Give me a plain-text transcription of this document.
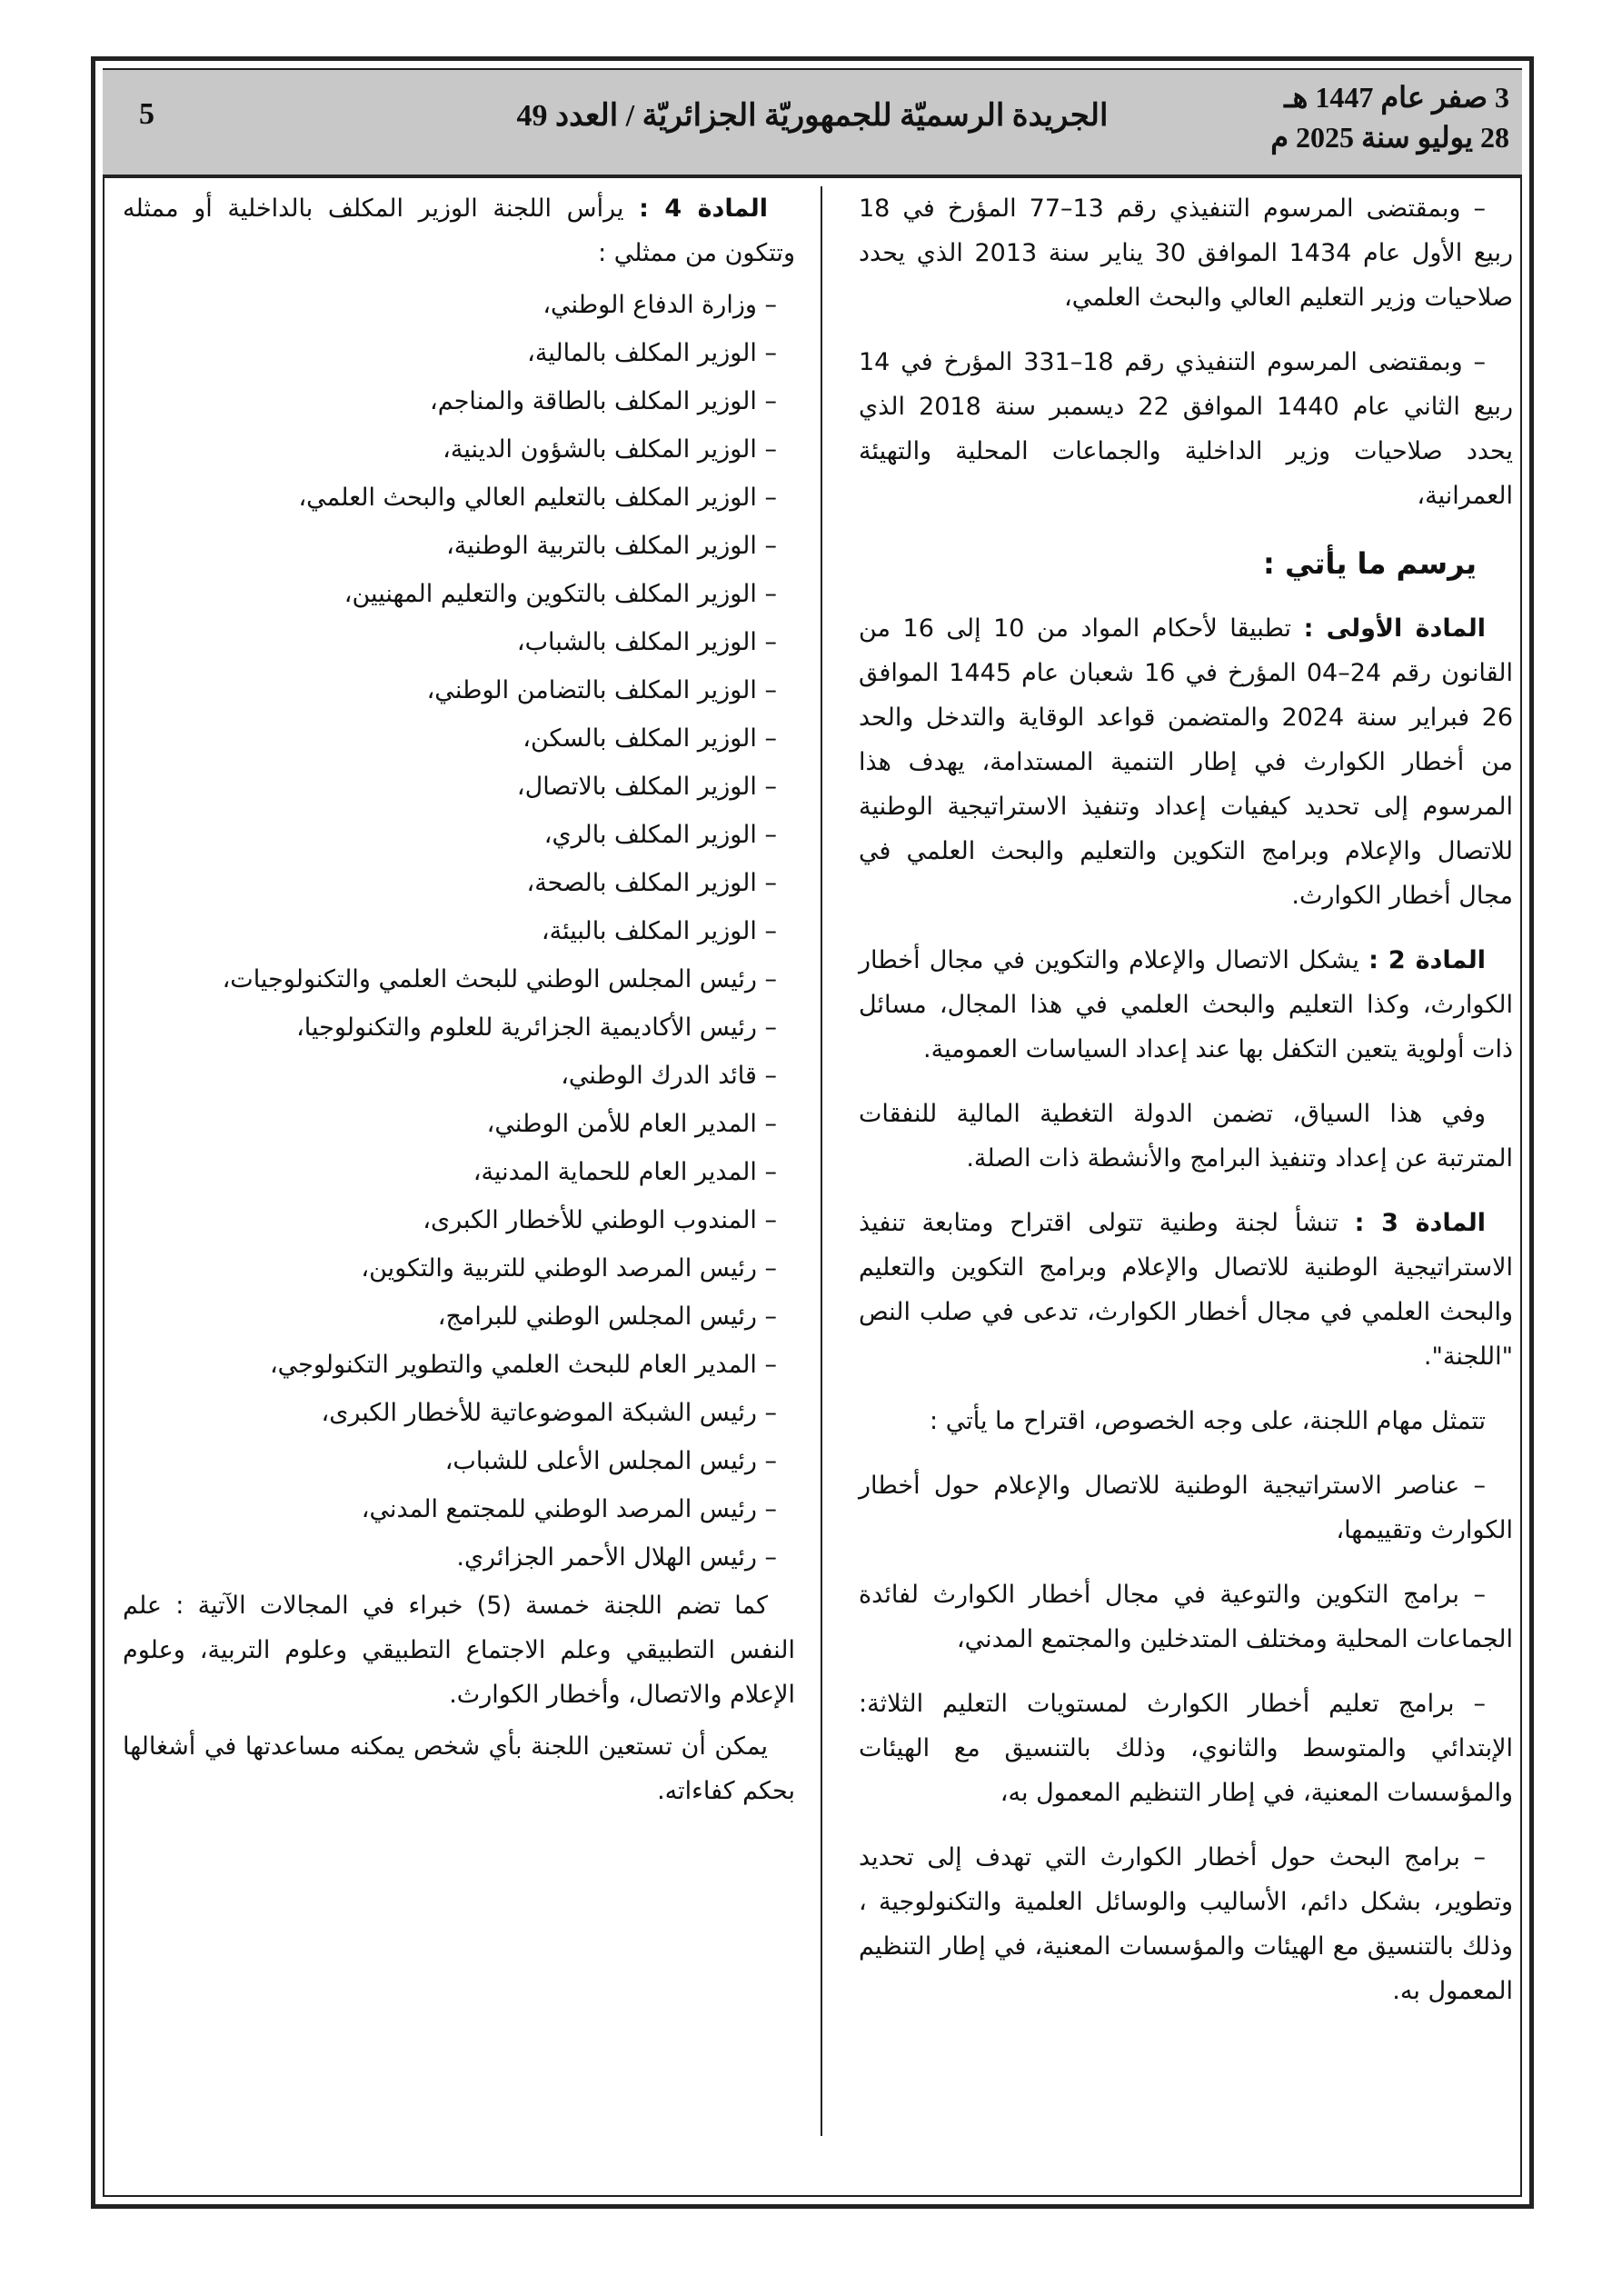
3 صفر عام 1447 هـ
28 يوليو سنة 2025 م
الجريدة الرسميّة للجمهوريّة الجزائريّة / العدد 49
5

– وبمقتضى المرسوم التنفيذي رقم 13–77 المؤرخ في 18 ربيع الأول عام 1434 الموافق 30 يناير سنة 2013 الذي يحدد صلاحيات وزير التعليم العالي والبحث العلمي،

– وبمقتضى المرسوم التنفيذي رقم 18–331 المؤرخ في 14 ربيع الثاني عام 1440 الموافق 22 ديسمبر سنة 2018 الذي يحدد صلاحيات وزير الداخلية والجماعات المحلية والتهيئة العمرانية،

يرسم ما يأتي :

المادة الأولى : تطبيقا لأحكام المواد من 10 إلى 16 من القانون رقم 24–04 المؤرخ في 16 شعبان عام 1445 الموافق 26 فبراير سنة 2024 والمتضمن قواعد الوقاية والتدخل والحد من أخطار الكوارث في إطار التنمية المستدامة، يهدف هذا المرسوم إلى تحديد كيفيات إعداد وتنفيذ الاستراتيجية الوطنية للاتصال والإعلام وبرامج التكوين والتعليم والبحث العلمي في مجال أخطار الكوارث.

المادة 2 : يشكل الاتصال والإعلام والتكوين في مجال أخطار الكوارث، وكذا التعليم والبحث العلمي في هذا المجال، مسائل ذات أولوية يتعين التكفل بها عند إعداد السياسات العمومية.

وفي هذا السياق، تضمن الدولة التغطية المالية للنفقات المترتبة عن إعداد وتنفيذ البرامج والأنشطة ذات الصلة.

المادة 3 : تنشأ لجنة وطنية تتولى اقتراح ومتابعة تنفيذ الاستراتيجية الوطنية للاتصال والإعلام وبرامج التكوين والتعليم والبحث العلمي في مجال أخطار الكوارث، تدعى في صلب النص "اللجنة".

تتمثل مهام اللجنة، على وجه الخصوص، اقتراح ما يأتي :

– عناصر الاستراتيجية الوطنية للاتصال والإعلام حول أخطار الكوارث وتقييمها،

– برامج التكوين والتوعية في مجال أخطار الكوارث لفائدة الجماعات المحلية ومختلف المتدخلين والمجتمع المدني،

– برامج تعليم أخطار الكوارث لمستويات التعليم الثلاثة: الإبتدائي والمتوسط والثانوي، وذلك بالتنسيق مع الهيئات والمؤسسات المعنية، في إطار التنظيم المعمول به،

– برامج البحث حول أخطار الكوارث التي تهدف إلى تحديد وتطوير، بشكل دائم، الأساليب والوسائل العلمية والتكنولوجية ، وذلك بالتنسيق مع الهيئات والمؤسسات المعنية، في إطار التنظيم المعمول به.

المادة 4 : يرأس اللجنة الوزير المكلف بالداخلية أو ممثله وتتكون من ممثلي :

– وزارة الدفاع الوطني،
– الوزير المكلف بالمالية،
– الوزير المكلف بالطاقة والمناجم،
– الوزير المكلف بالشؤون الدينية،
– الوزير المكلف بالتعليم العالي والبحث العلمي،
– الوزير المكلف بالتربية الوطنية،
– الوزير المكلف بالتكوين والتعليم المهنيين،
– الوزير المكلف بالشباب،
– الوزير المكلف بالتضامن الوطني،
– الوزير المكلف بالسكن،
– الوزير المكلف بالاتصال،
– الوزير المكلف بالري،
– الوزير المكلف بالصحة،
– الوزير المكلف بالبيئة،
– رئيس المجلس الوطني للبحث العلمي والتكنولوجيات،
– رئيس الأكاديمية الجزائرية للعلوم والتكنولوجيا،
– قائد الدرك الوطني،
– المدير العام للأمن الوطني،
– المدير العام للحماية المدنية،
– المندوب الوطني للأخطار الكبرى،
– رئيس المرصد الوطني للتربية والتكوين،
– رئيس المجلس الوطني للبرامج،
– المدير العام للبحث العلمي والتطوير التكنولوجي،
– رئيس الشبكة الموضوعاتية للأخطار الكبرى،
– رئيس المجلس الأعلى للشباب،
– رئيس المرصد الوطني للمجتمع المدني،
– رئيس الهلال الأحمر الجزائري.

كما تضم اللجنة خمسة (5) خبراء في المجالات الآتية : علم النفس التطبيقي وعلم الاجتماع التطبيقي وعلوم التربية، وعلوم الإعلام والاتصال، وأخطار الكوارث.

يمكن أن تستعين اللجنة بأي شخص يمكنه مساعدتها في أشغالها بحكم كفاءاته.
